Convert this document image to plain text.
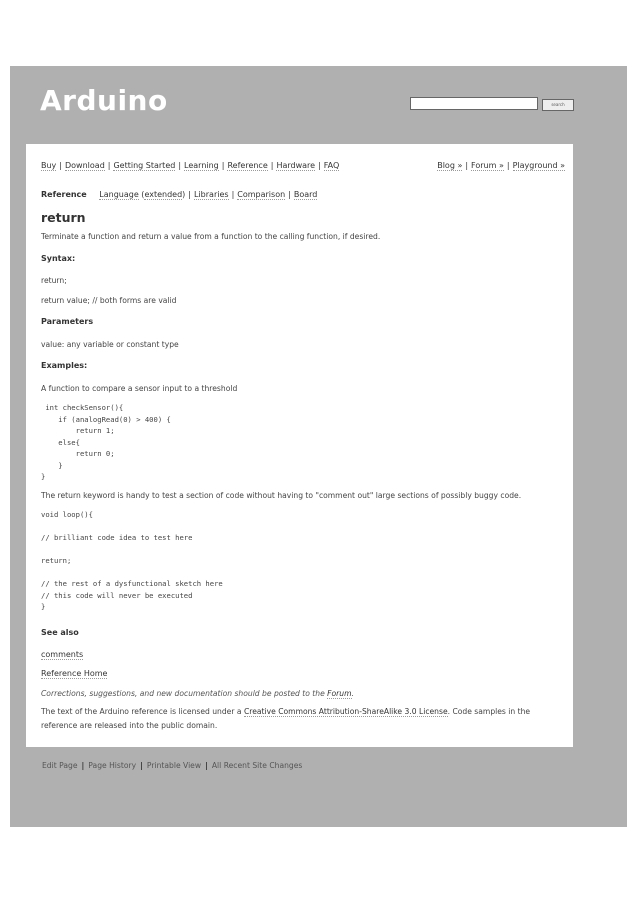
Arduino	search
Buy | Download | Getting Started | Learning | Reference | Hardware | FAQ	Blog » | Forum » | Playground »
Reference Language (extended) | Libraries | Comparison | Board
return
Terminate a function and return a value from a function to the calling function, if desired.
Syntax:
return;
return value; // both forms are valid
Parameters
value: any variable or constant type
Examples:
A function to compare a sensor input to a threshold
int checkSensor(){
if (analogRead(0) > 400) {
return 1;
else{
return 0;
}
}
The return keyword is handy to test a section of code without having to "comment out" large sections of possibly buggy code.
void loop(){
// brilliant code idea to test here
return;
// the rest of a dysfunctional sketch here
// this code will never be executed
}
See also
comments
Reference Home
Corrections, suggestions, and new documentation should be posted to the Forum.
The text of the Arduino reference is licensed under a Creative Commons Attribution-ShareAlike 3.0 License. Code samples in the reference are released into the public domain.
Edit Page | Page History | Printable View | All Recent Site Changes
